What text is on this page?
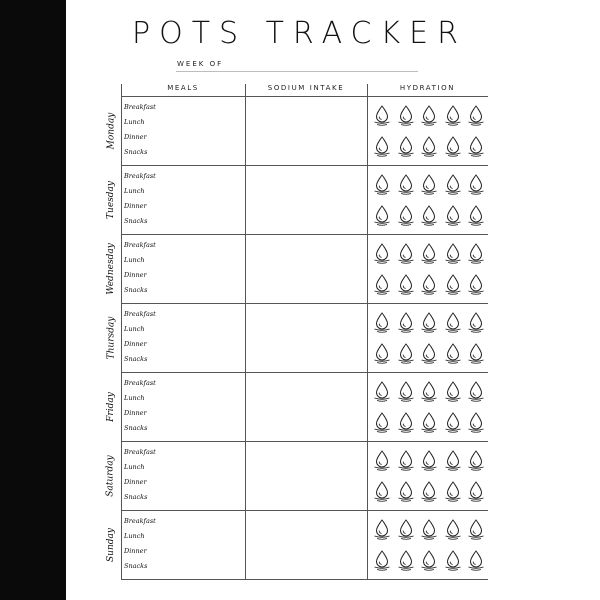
POTS TRACKER
WEEK OF
MEALS	SODIUM INTAKE	HYDRATION
Monday
Breakfast
Lunch
Dinner
Snacks
Tuesday
Breakfast
Lunch
Dinner
Snacks
Wednesday Breakfast
Lunch
Dinner
Snacks
Thursday
Breakfast
Lunch
Dinner
Snacks
Friday
Breakfast
Lunch
Dinner
Snacks
Saturday
Breakfast
Lunch
Dinner
Snacks
Sunday
Breakfast
Lunch
Dinner
Snacks
